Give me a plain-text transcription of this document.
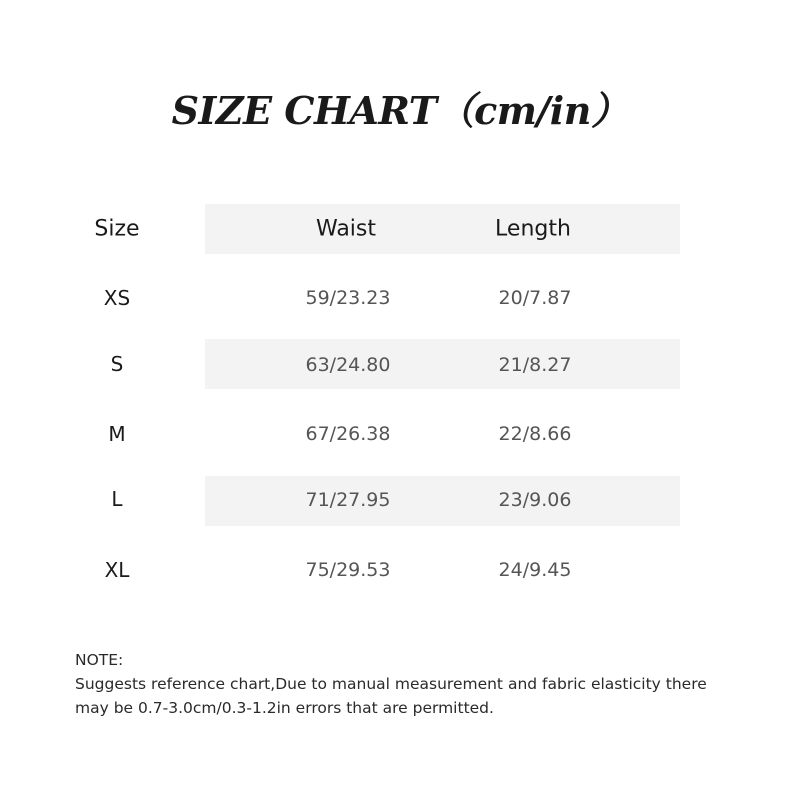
SIZE CHART（cm/in）
Size	Waist	Length
XS	59/23.23	20/7.87
S	63/24.80	21/8.27
M	67/26.38	22/8.66
L	71/27.95	23/9.06
XL	75/29.53	24/9.45
NOTE:
Suggests reference chart,Due to manual measurement and fabric elasticity there may be 0.7-3.0cm/0.3-1.2in errors that are permitted.
